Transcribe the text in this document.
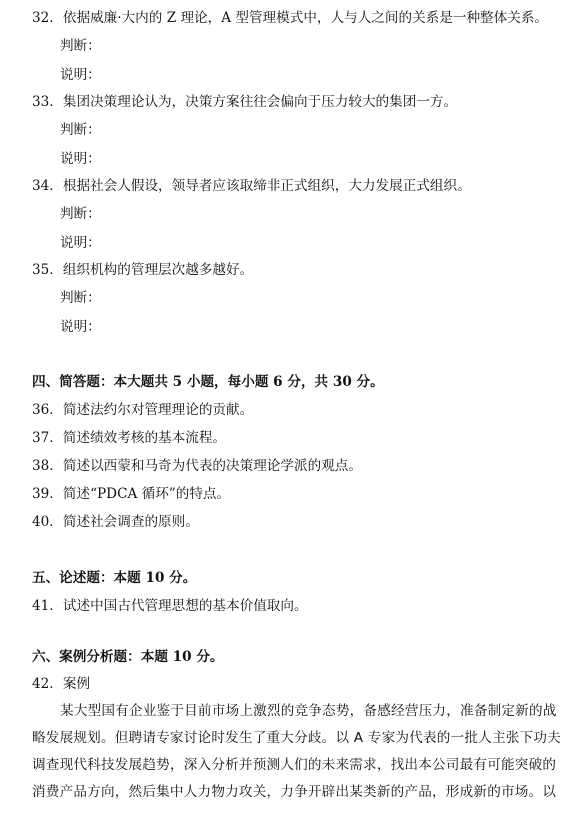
32．依据威廉·大内的 Z 理论，A 型管理模式中，人与人之间的关系是一种整体关系。
判断：
说明：
33．集团决策理论认为，决策方案往往会偏向于压力较大的集团一方。
判断：
说明：
34．根据社会人假设，领导者应该取缔非正式组织，大力发展正式组织。
判断：
说明：
35．组织机构的管理层次越多越好。
判断：
说明：
四、简答题：本大题共 5 小题，每小题 6 分，共 30 分。
36．简述法约尔对管理理论的贡献。
37．简述绩效考核的基本流程。
38．简述以西蒙和马奇为代表的决策理论学派的观点。
39．简述“PDCA 循环”的特点。
40．简述社会调查的原则。
五、论述题：本题 10 分。
41．试述中国古代管理思想的基本价值取向。
六、案例分析题：本题 10 分。
42．案例
某大型国有企业鉴于目前市场上激烈的竞争态势，备感经营压力，准备制定新的战
略发展规划。但聘请专家讨论时发生了重大分歧。以 A 专家为代表的一批人主张下功夫
调查现代科技发展趋势，深入分析并预测人们的未来需求，找出本公司最有可能突破的
消费产品方向，然后集中人力物力攻关，力争开辟出某类新的产品，形成新的市场。以
